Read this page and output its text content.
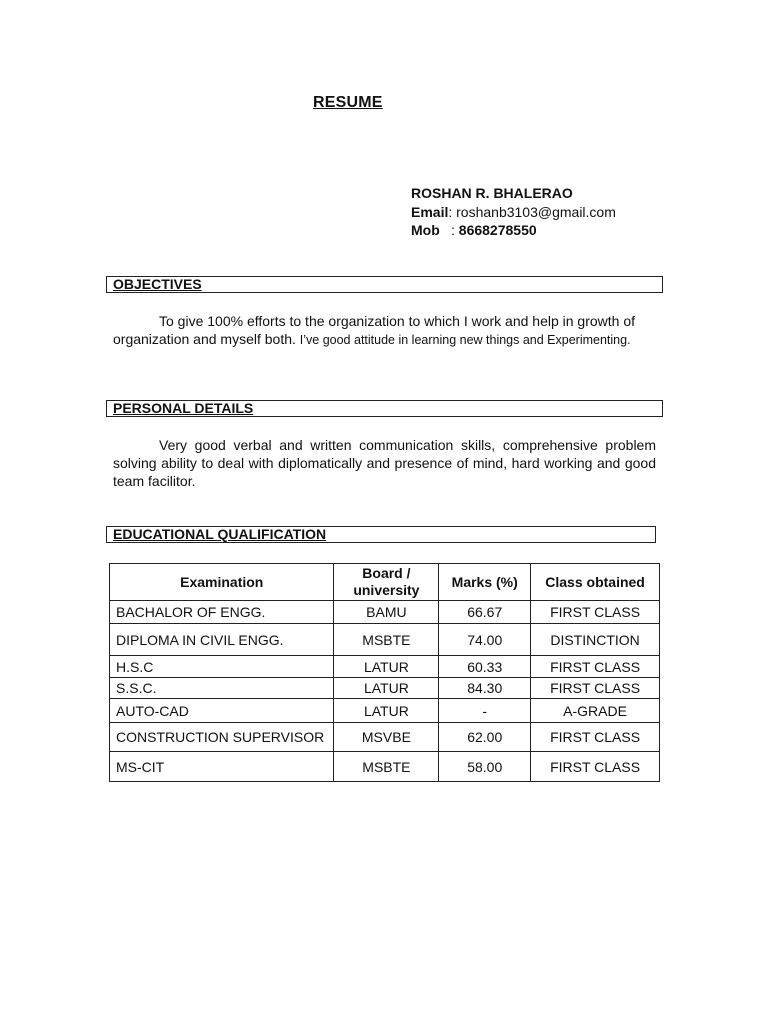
RESUME
ROSHAN R. BHALERAO
Email: roshanb3103@gmail.com
Mob : 8668278550
OBJECTIVES
To give 100% efforts to the organization to which I work and help in growth of organization and myself both. I’ve good attitude in learning new things and Experimenting.
PERSONAL DETAILS
Very good verbal and written communication skills, comprehensive problem solving ability to deal with diplomatically and presence of mind, hard working and good team facilitor.
EDUCATIONAL QUALIFICATION
Examination	Board / university	Marks (%)	Class obtained
BACHALOR OF ENGG.	BAMU	66.67	FIRST CLASS
DIPLOMA IN CIVIL ENGG.	MSBTE	74.00	DISTINCTION
H.S.C	LATUR	60.33	FIRST CLASS
S.S.C.	LATUR	84.30	FIRST CLASS
AUTO-CAD	LATUR	-	A-GRADE
CONSTRUCTION SUPERVISOR	MSVBE	62.00	FIRST CLASS
MS-CIT	MSBTE	58.00	FIRST CLASS
